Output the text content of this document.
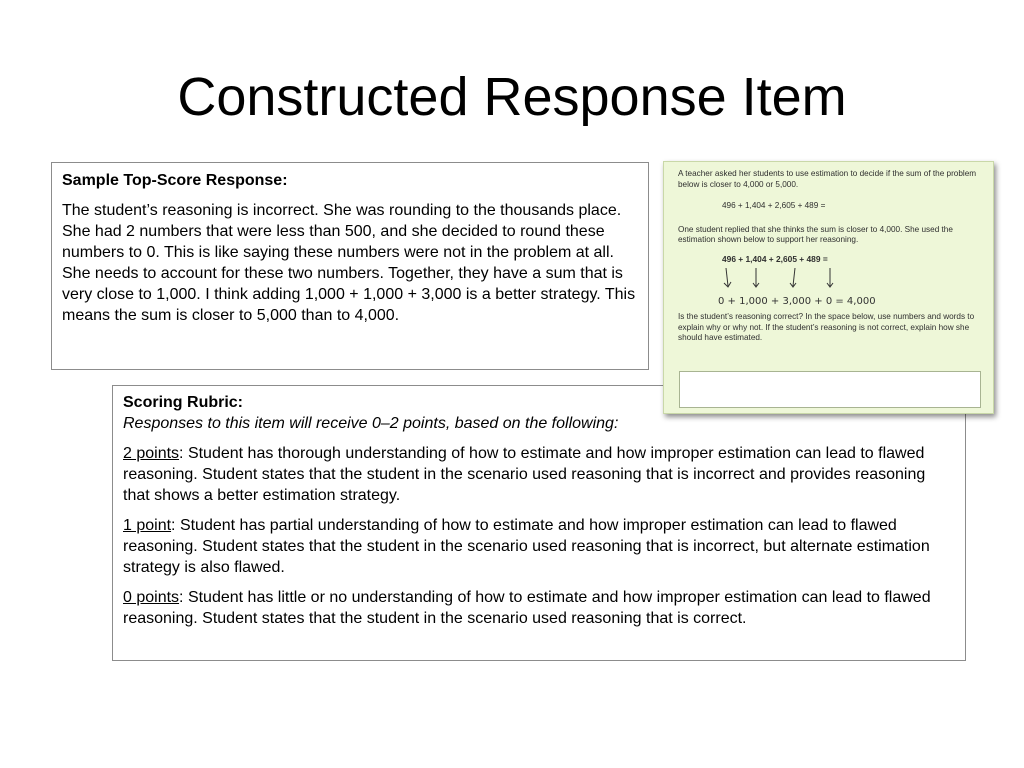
Constructed Response Item

Sample Top-Score Response:

The student’s reasoning is incorrect. She was rounding to the thousands place. She had 2 numbers that were less than 500, and she decided to round these numbers to 0. This is like saying these numbers were not in the problem at all. She needs to account for these two numbers. Together, they have a sum that is very close to 1,000. I think adding 1,000 + 1,000 + 3,000 is a better strategy. This means the sum is closer to 5,000 than to 4,000.

Scoring Rubric:

Responses to this item will receive 0–2 points, based on the following:

2 points: Student has thorough understanding of how to estimate and how improper estimation can lead to flawed reasoning. Student states that the student in the scenario used reasoning that is incorrect and provides reasoning that shows a better estimation strategy.

1 point: Student has partial understanding of how to estimate and how improper estimation can lead to flawed reasoning. Student states that the student in the scenario used reasoning that is incorrect, but alternate estimation strategy is also flawed.

0 points: Student has little or no understanding of how to estimate and how improper estimation can lead to flawed reasoning. Student states that the student in the scenario used reasoning that is correct.

A teacher asked her students to use estimation to decide if the sum of the problem below is closer to 4,000 or 5,000.

496 + 1,404 + 2,605 + 489 =

One student replied that she thinks the sum is closer to 4,000. She used the estimation shown below to support her reasoning.

496 + 1,404 + 2,605 + 489 =

0 + 1,000 + 3,000 + 0 = 4,000

Is the student’s reasoning correct? In the space below, use numbers and words to explain why or why not. If the student’s reasoning is not correct, explain how she should have estimated.
